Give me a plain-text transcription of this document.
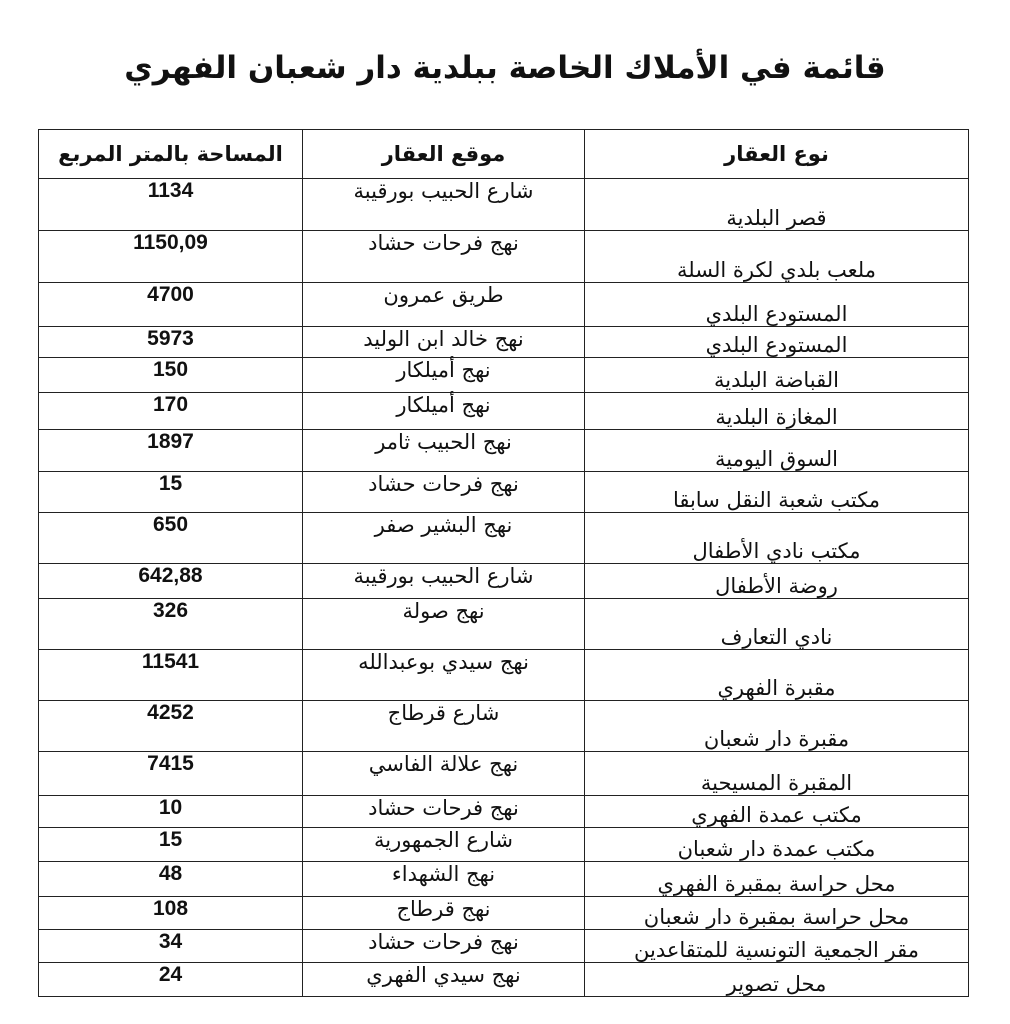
قائمة في الأملاك الخاصة ببلدية دار شعبان الفهري
نوع العقار	موقع العقار	المساحة بالمتر المربع
قصر البلدية	شارع الحبيب بورقيبة	1134
ملعب بلدي لكرة السلة	نهج فرحات حشاد	1150,09
المستودع البلدي	طريق عمرون	4700
المستودع البلدي	نهج خالد ابن الوليد	5973
القباضة البلدية	نهج أميلكار	150
المغازة البلدية	نهج أميلكار	170
السوق اليومية	نهج الحبيب ثامر	1897
مكتب شعبة النقل سابقا	نهج فرحات حشاد	15
مكتب نادي الأطفال	نهج البشير صفر	650
روضة الأطفال	شارع الحبيب بورقيبة	642,88
نادي التعارف	نهج صولة	326
مقبرة الفهري	نهج سيدي بوعبدالله	11541
مقبرة دار شعبان	شارع قرطاج	4252
المقبرة المسيحية	نهج علالة الفاسي	7415
مكتب عمدة الفهري	نهج فرحات حشاد	10
مكتب عمدة دار شعبان	شارع الجمهورية	15
محل حراسة بمقبرة الفهري	نهج الشهداء	48
محل حراسة بمقبرة دار شعبان	نهج قرطاج	108
مقر الجمعية التونسية للمتقاعدين	نهج فرحات حشاد	34
محل تصوير	نهج سيدي الفهري	24
